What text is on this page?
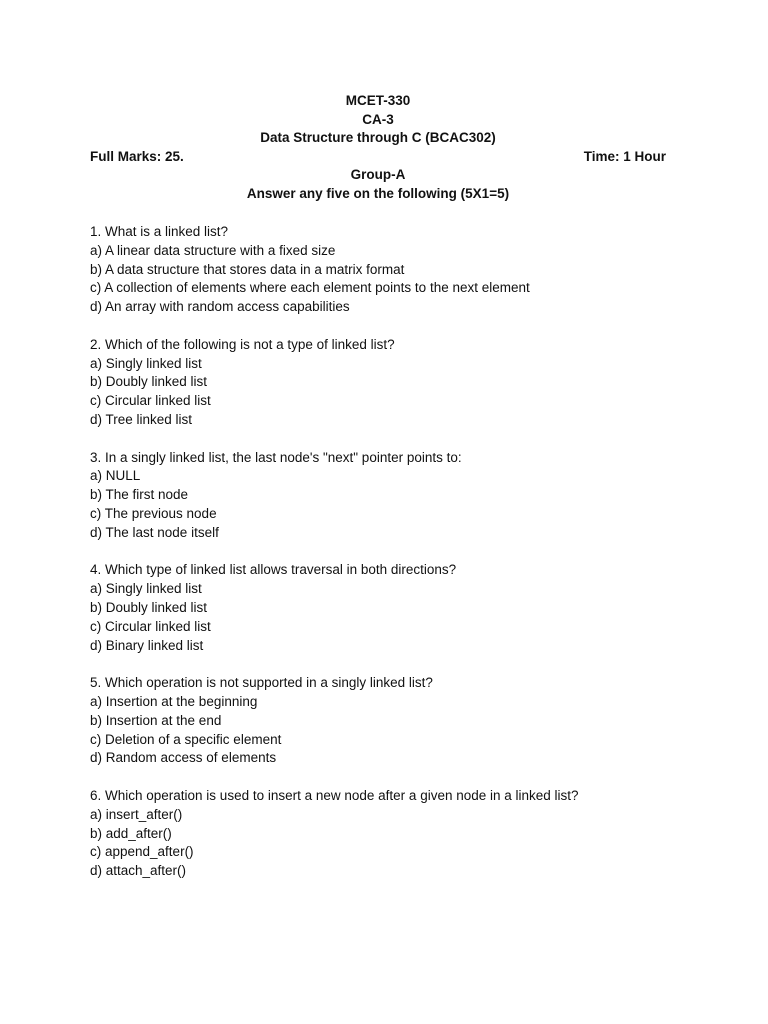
MCET-330
CA-3
Data Structure through C (BCAC302)
Full Marks: 25.	Time: 1 Hour
Group-A
Answer any five on the following (5X1=5)
1. What is a linked list?
a) A linear data structure with a fixed size
b) A data structure that stores data in a matrix format
c) A collection of elements where each element points to the next element
d) An array with random access capabilities
2. Which of the following is not a type of linked list?
a) Singly linked list
b) Doubly linked list
c) Circular linked list
d) Tree linked list
3. In a singly linked list, the last node's "next" pointer points to:
a) NULL
b) The first node
c) The previous node
d) The last node itself
4. Which type of linked list allows traversal in both directions?
a) Singly linked list
b) Doubly linked list
c) Circular linked list
d) Binary linked list
5. Which operation is not supported in a singly linked list?
a) Insertion at the beginning
b) Insertion at the end
c) Deletion of a specific element
d) Random access of elements
6. Which operation is used to insert a new node after a given node in a linked list?
a) insert_after()
b) add_after()
c) append_after()
d) attach_after()
